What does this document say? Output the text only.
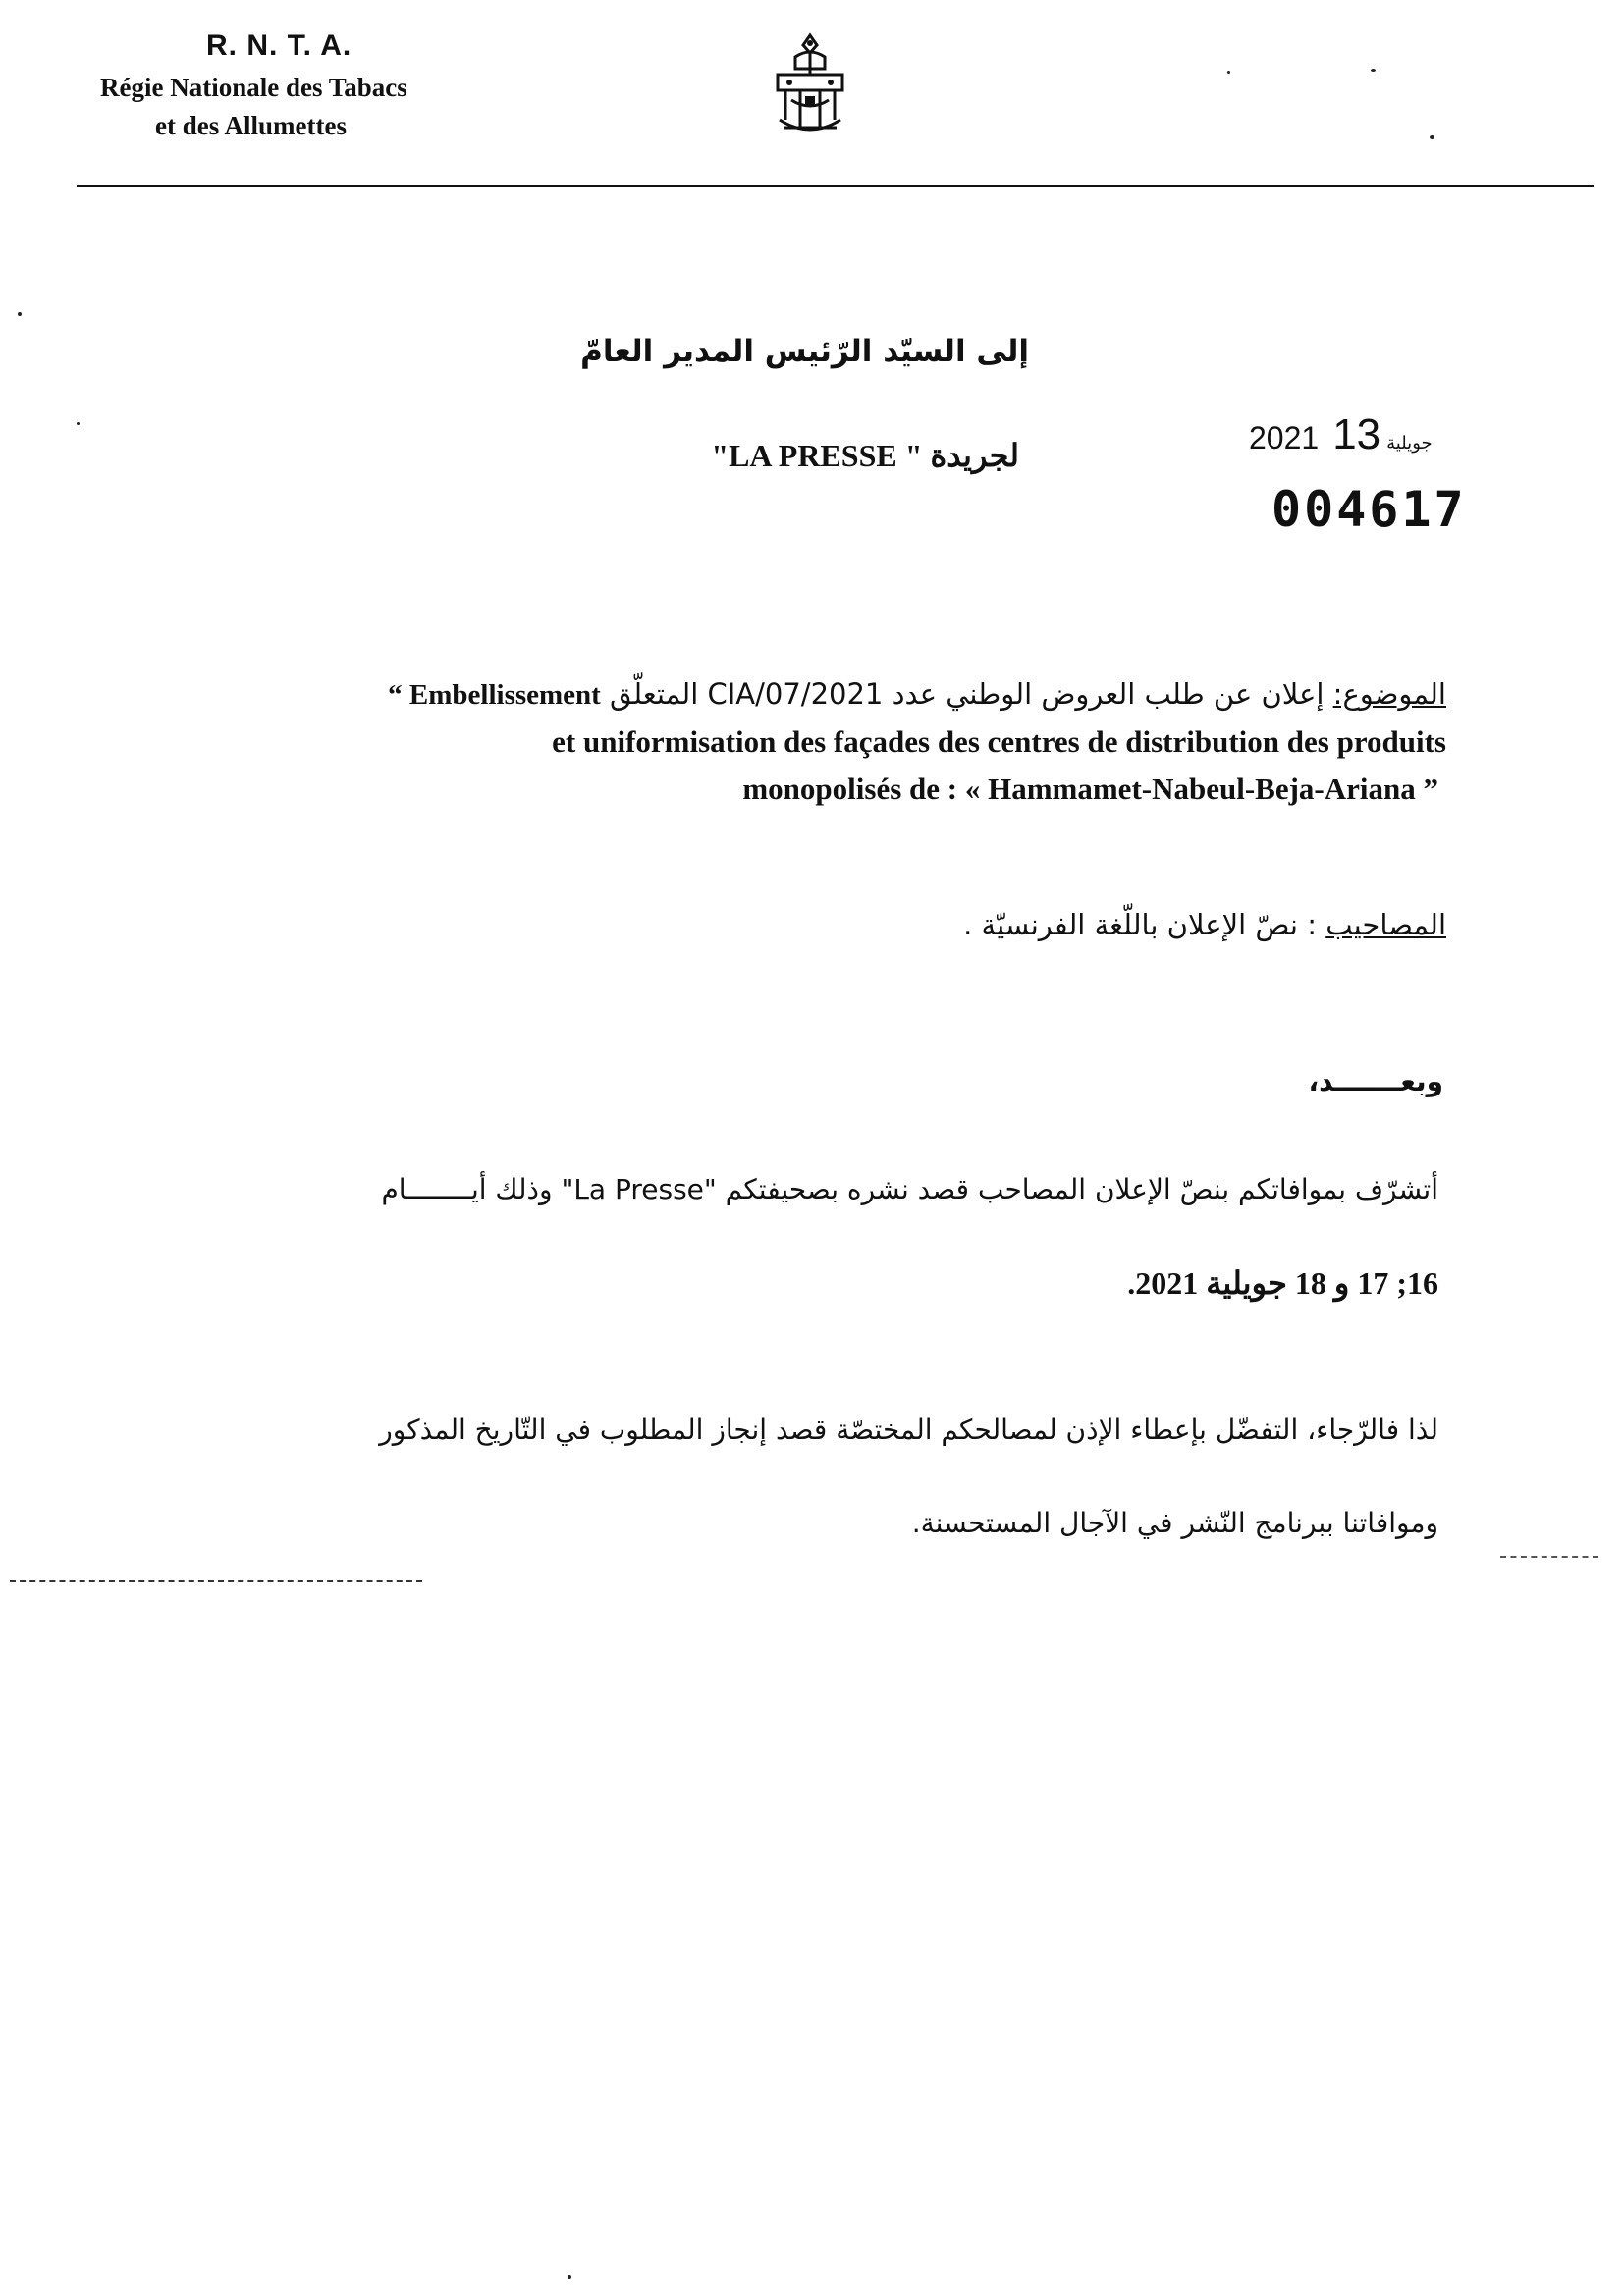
R. N. T. A.
Régie Nationale des Tabacs
et des Allumettes
إلى السيّد الرّئيس المدير العامّ
لجريدة " LA PRESSE"	2021	جويلية13
004617
الموضوع: إعلان عن طلب العروض الوطني عدد 2021/CIA/07 المتعلّق “ Embellissement
et uniformisation des façades des centres de distribution des produits
monopolisés de : « Hammamet-Nabeul-Beja-Ariana ”
المصاحيب : نصّ الإعلان باللّغة الفرنسيّة .
وبعـــــــد،
أتشرّف بموافاتكم بنصّ الإعلان المصاحب قصد نشره بصحيفتكم "La Presse" وذلك أيــــــــام
16; 17 و 18 جويلية 2021.
لذا فالرّجاء، التفضّل بإعطاء الإذن لمصالحكم المختصّة قصد إنجاز المطلوب في التّاريخ المذكور
وموافاتنا ببرنامج النّشر في الآجال المستحسنة.
